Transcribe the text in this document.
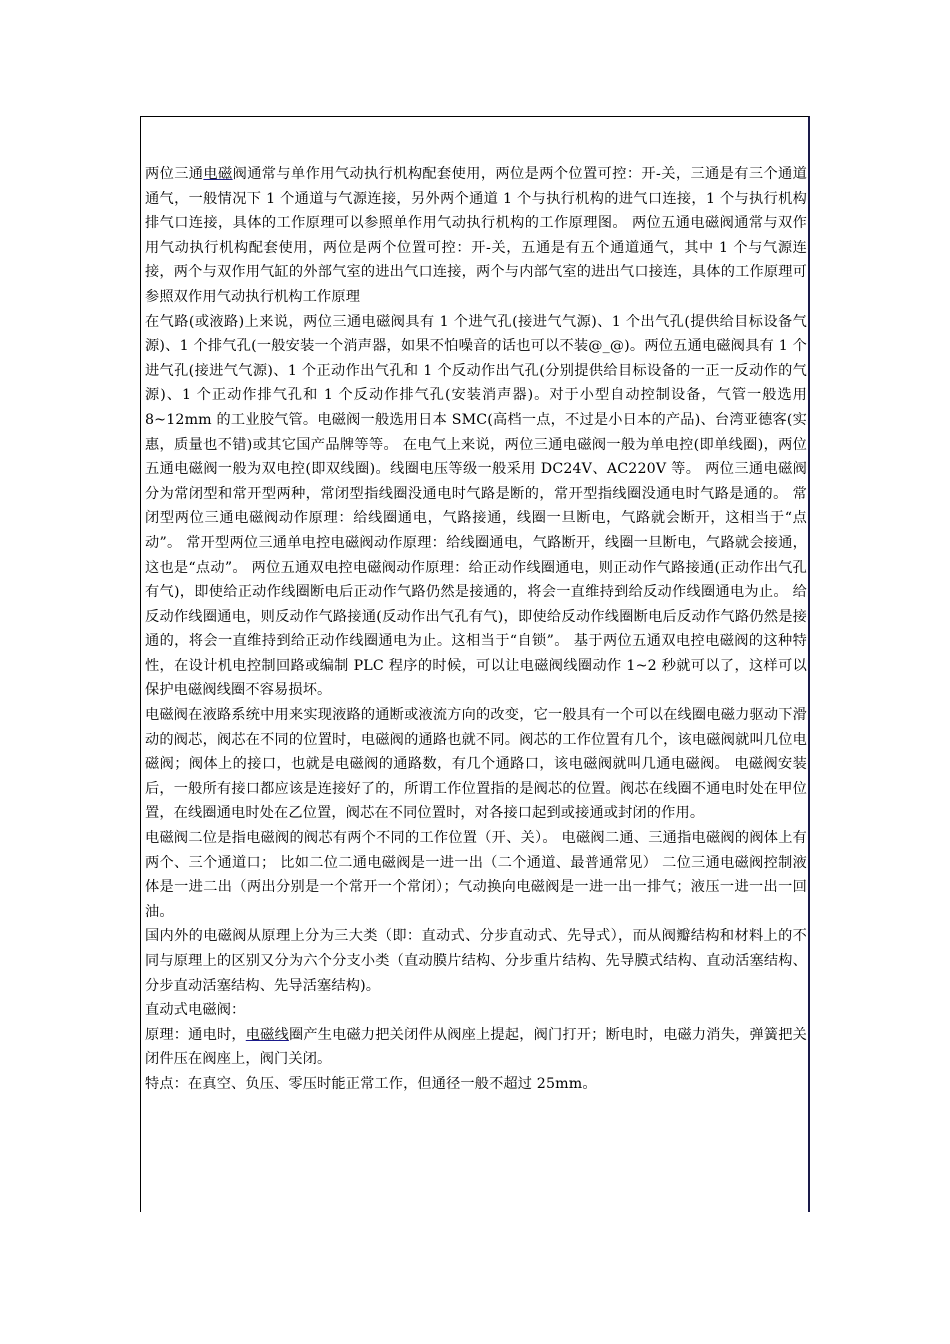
两位三通电磁阀通常与单作用气动执行机构配套使用，两位是两个位置可控：开-关，三通是有三个通道通气，一般情况下 1 个通道与气源连接，另外两个通道 1 个与执行机构的进气口连接，1 个与执行机构排气口连接，具体的工作原理可以参照单作用气动执行机构的工作原理图。 两位五通电磁阀通常与双作用气动执行机构配套使用，两位是两个位置可控：开-关，五通是有五个通道通气，其中 1 个与气源连接，两个与双作用气缸的外部气室的进出气口连接，两个与内部气室的进出气口接连，具体的工作原理可参照双作用气动执行机构工作原理

在气路(或液路)上来说，两位三通电磁阀具有 1 个进气孔(接进气气源)、1 个出气孔(提供给目标设备气源)、1 个排气孔(一般安装一个消声器，如果不怕噪音的话也可以不装@_@)。两位五通电磁阀具有 1 个进气孔(接进气气源)、1 个正动作出气孔和 1 个反动作出气孔(分别提供给目标设备的一正一反动作的气源)、1 个正动作排气孔和 1 个反动作排气孔(安装消声器)。对于小型自动控制设备，气管一般选用 8~12mm 的工业胶气管。电磁阀一般选用日本 SMC(高档一点，不过是小日本的产品)、台湾亚德客(实惠，质量也不错)或其它国产品牌等等。 在电气上来说，两位三通电磁阀一般为单电控(即单线圈)，两位五通电磁阀一般为双电控(即双线圈)。线圈电压等级一般采用 DC24V、AC220V 等。 两位三通电磁阀分为常闭型和常开型两种，常闭型指线圈没通电时气路是断的，常开型指线圈没通电时气路是通的。 常闭型两位三通电磁阀动作原理：给线圈通电，气路接通，线圈一旦断电，气路就会断开，这相当于“点动”。 常开型两位三通单电控电磁阀动作原理：给线圈通电，气路断开，线圈一旦断电，气路就会接通，这也是“点动”。 两位五通双电控电磁阀动作原理：给正动作线圈通电，则正动作气路接通(正动作出气孔有气)，即使给正动作线圈断电后正动作气路仍然是接通的，将会一直维持到给反动作线圈通电为止。 给反动作线圈通电，则反动作气路接通(反动作出气孔有气)，即使给反动作线圈断电后反动作气路仍然是接通的，将会一直维持到给正动作线圈通电为止。这相当于“自锁”。 基于两位五通双电控电磁阀的这种特性，在设计机电控制回路或编制 PLC 程序的时候，可以让电磁阀线圈动作 1~2 秒就可以了，这样可以保护电磁阀线圈不容易损坏。

电磁阀在液路系统中用来实现液路的通断或液流方向的改变，它一般具有一个可以在线圈电磁力驱动下滑动的阀芯，阀芯在不同的位置时，电磁阀的通路也就不同。阀芯的工作位置有几个，该电磁阀就叫几位电磁阀；阀体上的接口，也就是电磁阀的通路数，有几个通路口，该电磁阀就叫几通电磁阀。 电磁阀安装后，一般所有接口都应该是连接好了的，所谓工作位置指的是阀芯的位置。阀芯在线圈不通电时处在甲位置，在线圈通电时处在乙位置，阀芯在不同位置时，对各接口起到或接通或封闭的作用。

电磁阀二位是指电磁阀的阀芯有两个不同的工作位置（开、关）。 电磁阀二通、三通指电磁阀的阀体上有两个、三个通道口； 比如二位二通电磁阀是一进一出（二个通道、最普通常见） 二位三通电磁阀控制液体是一进二出（两出分别是一个常开一个常闭）；气动换向电磁阀是一进一出一排气；液压一进一出一回油。

国内外的电磁阀从原理上分为三大类（即：直动式、分步直动式、先导式），而从阀瓣结构和材料上的不同与原理上的区别又分为六个分支小类（直动膜片结构、分步重片结构、先导膜式结构、直动活塞结构、分步直动活塞结构、先导活塞结构)。

直动式电磁阀：

原理：通电时，电磁线圈产生电磁力把关闭件从阀座上提起，阀门打开；断电时，电磁力消失，弹簧把关闭件压在阀座上，阀门关闭。

特点：在真空、负压、零压时能正常工作，但通径一般不超过 25mm。
